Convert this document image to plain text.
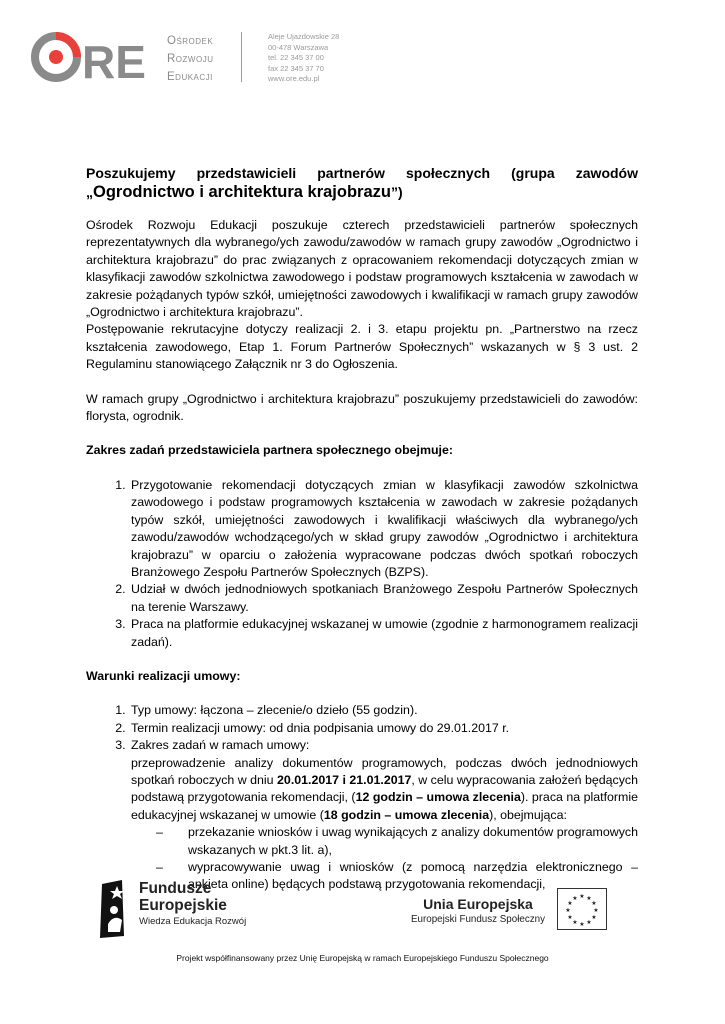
RE Ośrodek
Rozwoju
Edukacji
Aleje Ujazdowskie 28
00-478 Warszawa
tel. 22 345 37 00
fax 22 345 37 70
www.ore.edu.pl
Poszukujemy przedstawicieli partnerów społecznych (grupa zawodów
„Ogrodnictwo i architektura krajobrazu”)

Ośrodek Rozwoju Edukacji poszukuje czterech przedstawicieli partnerów społecznych reprezentatywnych dla wybranego/ych zawodu/zawodów w ramach grupy zawodów „Ogrodnictwo i architektura krajobrazu” do prac związanych z opracowaniem rekomendacji dotyczących zmian w klasyfikacji zawodów szkolnictwa zawodowego i podstaw programowych kształcenia w zawodach w zakresie pożądanych typów szkół, umiejętności zawodowych i kwalifikacji w ramach grupy zawodów „Ogrodnictwo i architektura krajobrazu”.

Postępowanie rekrutacyjne dotyczy realizacji 2. i 3. etapu projektu pn. „Partnerstwo na rzecz kształcenia zawodowego, Etap 1. Forum Partnerów Społecznych” wskazanych w § 3 ust. 2 Regulaminu stanowiącego Załącznik nr 3 do Ogłoszenia.

W ramach grupy „Ogrodnictwo i architektura krajobrazu” poszukujemy przedstawicieli do zawodów: florysta, ogrodnik.

Zakres zadań przedstawiciela partnera społecznego obejmuje:

1. Przygotowanie rekomendacji dotyczących zmian w klasyfikacji zawodów szkolnictwa zawodowego i podstaw programowych kształcenia w zawodach w zakresie pożądanych typów szkół, umiejętności zawodowych i kwalifikacji właściwych dla wybranego/ych zawodu/zawodów wchodzącego/ych w skład grupy zawodów „Ogrodnictwo i architektura krajobrazu” w oparciu o założenia wypracowane podczas dwóch spotkań roboczych Branżowego Zespołu Partnerów Społecznych (BZPS).
2. Udział w dwóch jednodniowych spotkaniach Branżowego Zespołu Partnerów Społecznych na terenie Warszawy.
3. Praca na platformie edukacyjnej wskazanej w umowie (zgodnie z harmonogramem realizacji zadań).

Warunki realizacji umowy:

1. Typ umowy: łączona – zlecenie/o dzieło (55 godzin).
2. Termin realizacji umowy: od dnia podpisania umowy do 29.01.2017 r.
3. Zakres zadań w ramach umowy:
przeprowadzenie analizy dokumentów programowych, podczas dwóch jednodniowych spotkań roboczych w dniu 20.01.2017 i 21.01.2017, w celu wypracowania założeń będących podstawą przygotowania rekomendacji, (12 godzin – umowa zlecenia). praca na platformie edukacyjnej wskazanej w umowie (18 godzin – umowa zlecenia), obejmująca:
– przekazanie wniosków i uwag wynikających z analizy dokumentów programowych wskazanych w pkt.3 lit. a),
– wypracowywanie uwag i wniosków (z pomocą narzędzia elektronicznego – ankieta online) będących podstawą przygotowania rekomendacji,
Fundusze
Europejskie
Wiedza Edukacja Rozwój
Unia Europejska
Europejski Fundusz Społeczny
★ ★
★
★
★
★
★
★
★
★
★
★
Projekt współfinansowany przez Unię Europejską w ramach Europejskiego Funduszu Społecznego
